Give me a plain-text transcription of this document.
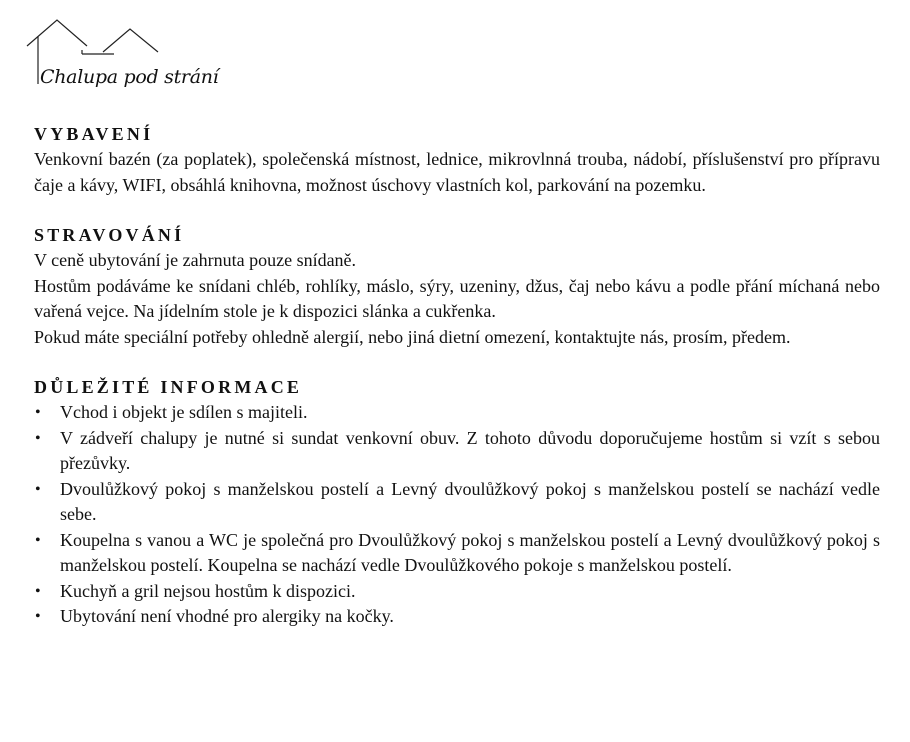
Chalupa pod strání
VYBAVENÍ

Venkovní bazén (za poplatek), společenská místnost, lednice, mikrovlnná trouba, nádobí, příslušenství pro přípravu čaje a kávy, WIFI, obsáhlá knihovna, možnost úschovy vlastních kol, parkování na pozemku.

STRAVOVÁNÍ

V ceně ubytování je zahrnuta pouze snídaně.

Hostům podáváme ke snídani chléb, rohlíky, máslo, sýry, uzeniny, džus, čaj nebo kávu a podle přání míchaná nebo vařená vejce. Na jídelním stole je k dispozici slánka a cukřenka.

Pokud máte speciální potřeby ohledně alergií, nebo jiná dietní omezení, kontaktujte nás, prosím, předem.

DŮLEŽITÉ INFORMACE
• Vchod i objekt je sdílen s majiteli.
• V zádveří chalupy je nutné si sundat venkovní obuv. Z tohoto důvodu doporučujeme hostům si vzít s sebou přezůvky.
• Dvoulůžkový pokoj s manželskou postelí a Levný dvoulůžkový pokoj s manželskou postelí se nachází vedle sebe.
• Koupelna s vanou a WC je společná pro Dvoulůžkový pokoj s manželskou postelí a Levný dvoulůžkový pokoj s manželskou postelí. Koupelna se nachází vedle Dvoulůžkového pokoje s manželskou postelí.
• Kuchyň a gril nejsou hostům k dispozici.
• Ubytování není vhodné pro alergiky na kočky.
